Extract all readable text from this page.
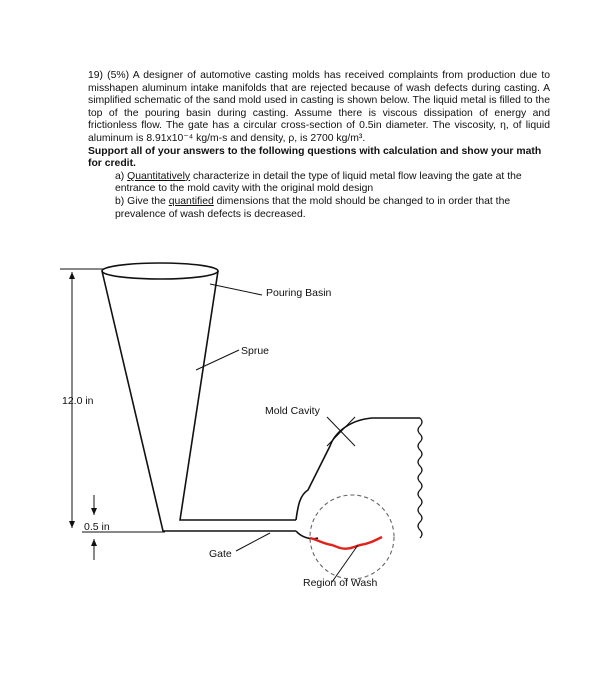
19) (5%) A designer of automotive casting molds has received complaints from production due to misshapen aluminum intake manifolds that are rejected because of wash defects during casting. A simplified schematic of the sand mold used in casting is shown below. The liquid metal is filled to the top of the pouring basin during casting. Assume there is viscous dissipation of energy and frictionless flow. The gate has a circular cross-section of 0.5in diameter. The viscosity, η, of liquid aluminum is 8.91x10⁻⁴ kg/m-s and density, ρ, is 2700 kg/m³.

Support all of your answers to the following questions with calculation and show your math for credit.

a) Quantitatively characterize in detail the type of liquid metal flow leaving the gate at the entrance to the mold cavity with the original mold design

b) Give the quantified dimensions that the mold should be changed to in order that the prevalence of wash defects is decreased.

12.0 in
0.5 in
Pouring Basin
Sprue
Mold Cavity
Gate
Region of Wash
